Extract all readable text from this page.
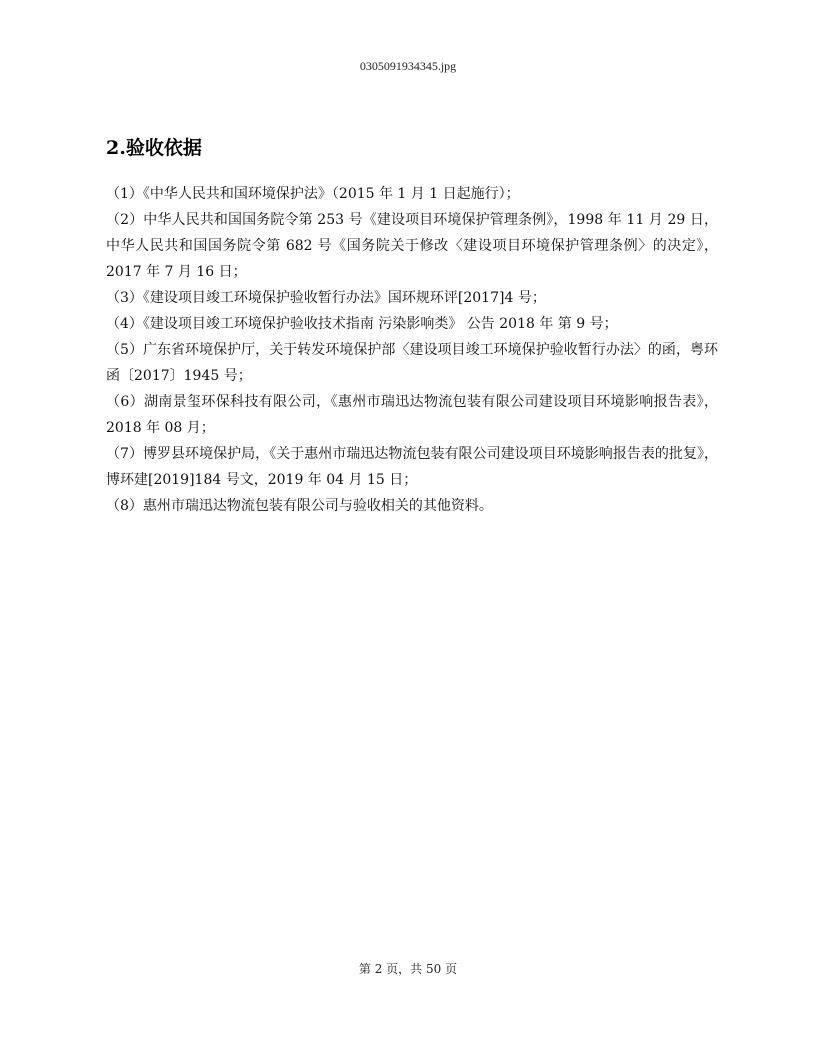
0305091934345.jpg
2.验收依据

（1）《中华人民共和国环境保护法》（2015 年 1 月 1 日起施行）；

（2）中华人民共和国国务院令第 253 号《建设项目环境保护管理条例》，1998 年 11 月 29 日，中华人民共和国国务院令第 682 号《国务院关于修改〈建设项目环境保护管理条例〉的决定》，2017 年 7 月 16 日；

（3）《建设项目竣工环境保护验收暂行办法》国环规环评[2017]4 号；

（4）《建设项目竣工环境保护验收技术指南 污染影响类》 公告 2018 年 第 9 号；

（5）广东省环境保护厅，关于转发环境保护部〈建设项目竣工环境保护验收暂行办法〉的函，粤环函〔2017〕1945 号；

（6）湖南景玺环保科技有限公司，《惠州市瑞迅达物流包装有限公司建设项目环境影响报告表》，2018 年 08 月；

（7）博罗县环境保护局，《关于惠州市瑞迅达物流包装有限公司建设项目环境影响报告表的批复》，博环建[2019]184 号文，2019 年 04 月 15 日；

（8）惠州市瑞迅达物流包装有限公司与验收相关的其他资料。

第 2 页，共 50 页
